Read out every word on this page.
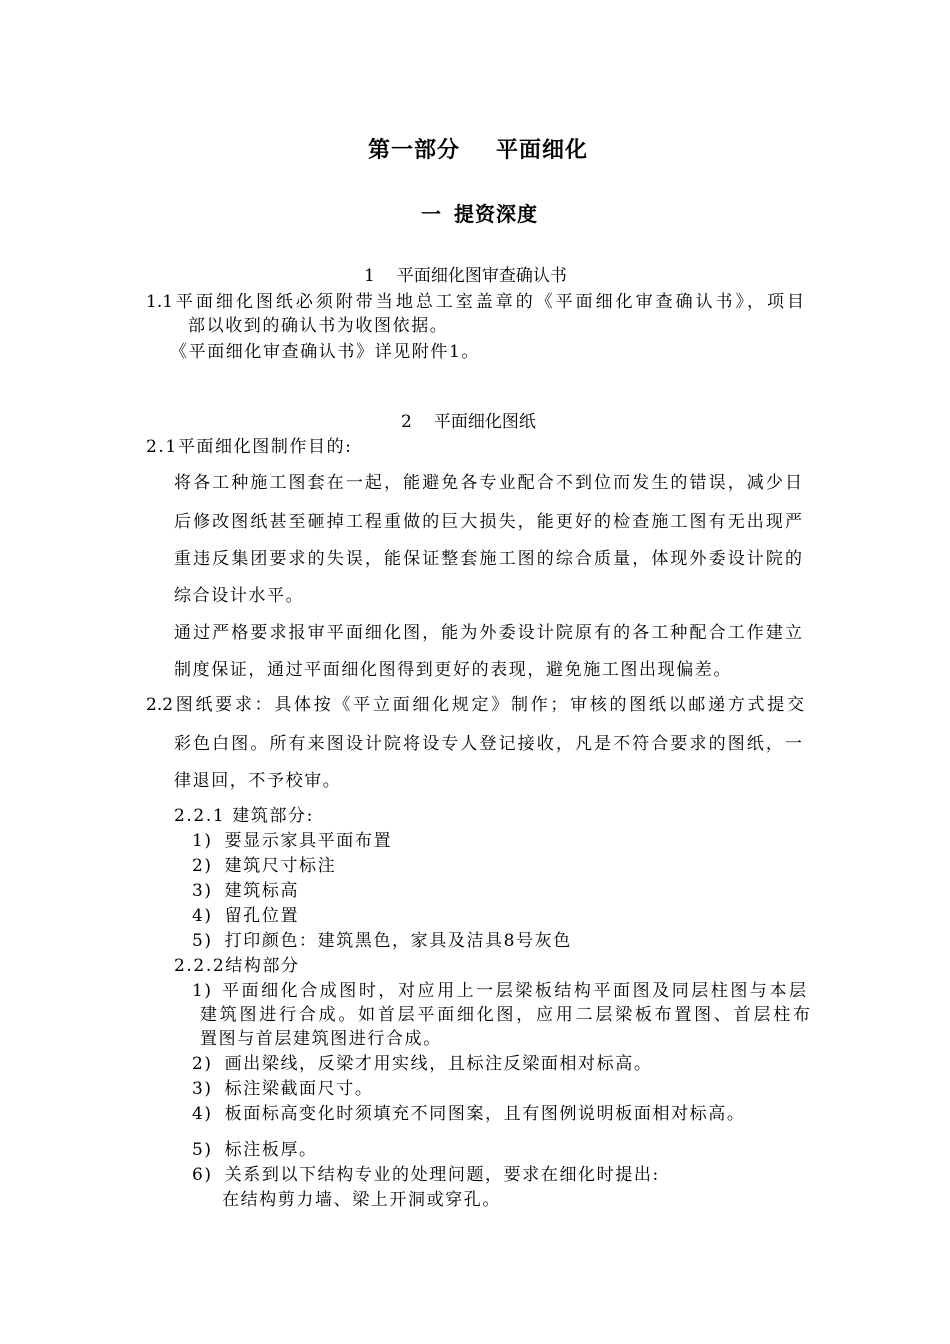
第一部分 平面细化
一 提资深度
1 平面细化图审查确认书
1.1平面细化图纸必须附带当地总工室盖章的《平面细化审查确认书》，项目
部以收到的确认书为收图依据。
《平面细化审查确认书》详见附件1。
2 平面细化图纸
2.1平面细化图制作目的:
将各工种施工图套在一起，能避免各专业配合不到位而发生的错误，减少日
后修改图纸甚至砸掉工程重做的巨大损失，能更好的检查施工图有无出现严
重违反集团要求的失误，能保证整套施工图的综合质量，体现外委设计院的
综合设计水平。
通过严格要求报审平面细化图，能为外委设计院原有的各工种配合工作建立
制度保证，通过平面细化图得到更好的表现，避免施工图出现偏差。
2.2图纸要求：具体按《平立面细化规定》制作；审核的图纸以邮递方式提交
彩色白图。所有来图设计院将设专人登记接收，凡是不符合要求的图纸，一
律退回，不予校审。
2.2.1 建筑部分:
1) 要显示家具平面布置
2) 建筑尺寸标注
3) 建筑标高
4) 留孔位置
5) 打印颜色：建筑黑色，家具及洁具8号灰色
2.2.2结构部分
1) 平面细化合成图时，对应用上一层梁板结构平面图及同层柱图与本层
建筑图进行合成。如首层平面细化图，应用二层梁板布置图、首层柱布
置图与首层建筑图进行合成。
2) 画出梁线，反梁才用实线，且标注反梁面相对标高。
3) 标注梁截面尺寸。
4) 板面标高变化时须填充不同图案，且有图例说明板面相对标高。
5) 标注板厚。
6) 关系到以下结构专业的处理问题，要求在细化时提出:
在结构剪力墙、梁上开洞或穿孔。
